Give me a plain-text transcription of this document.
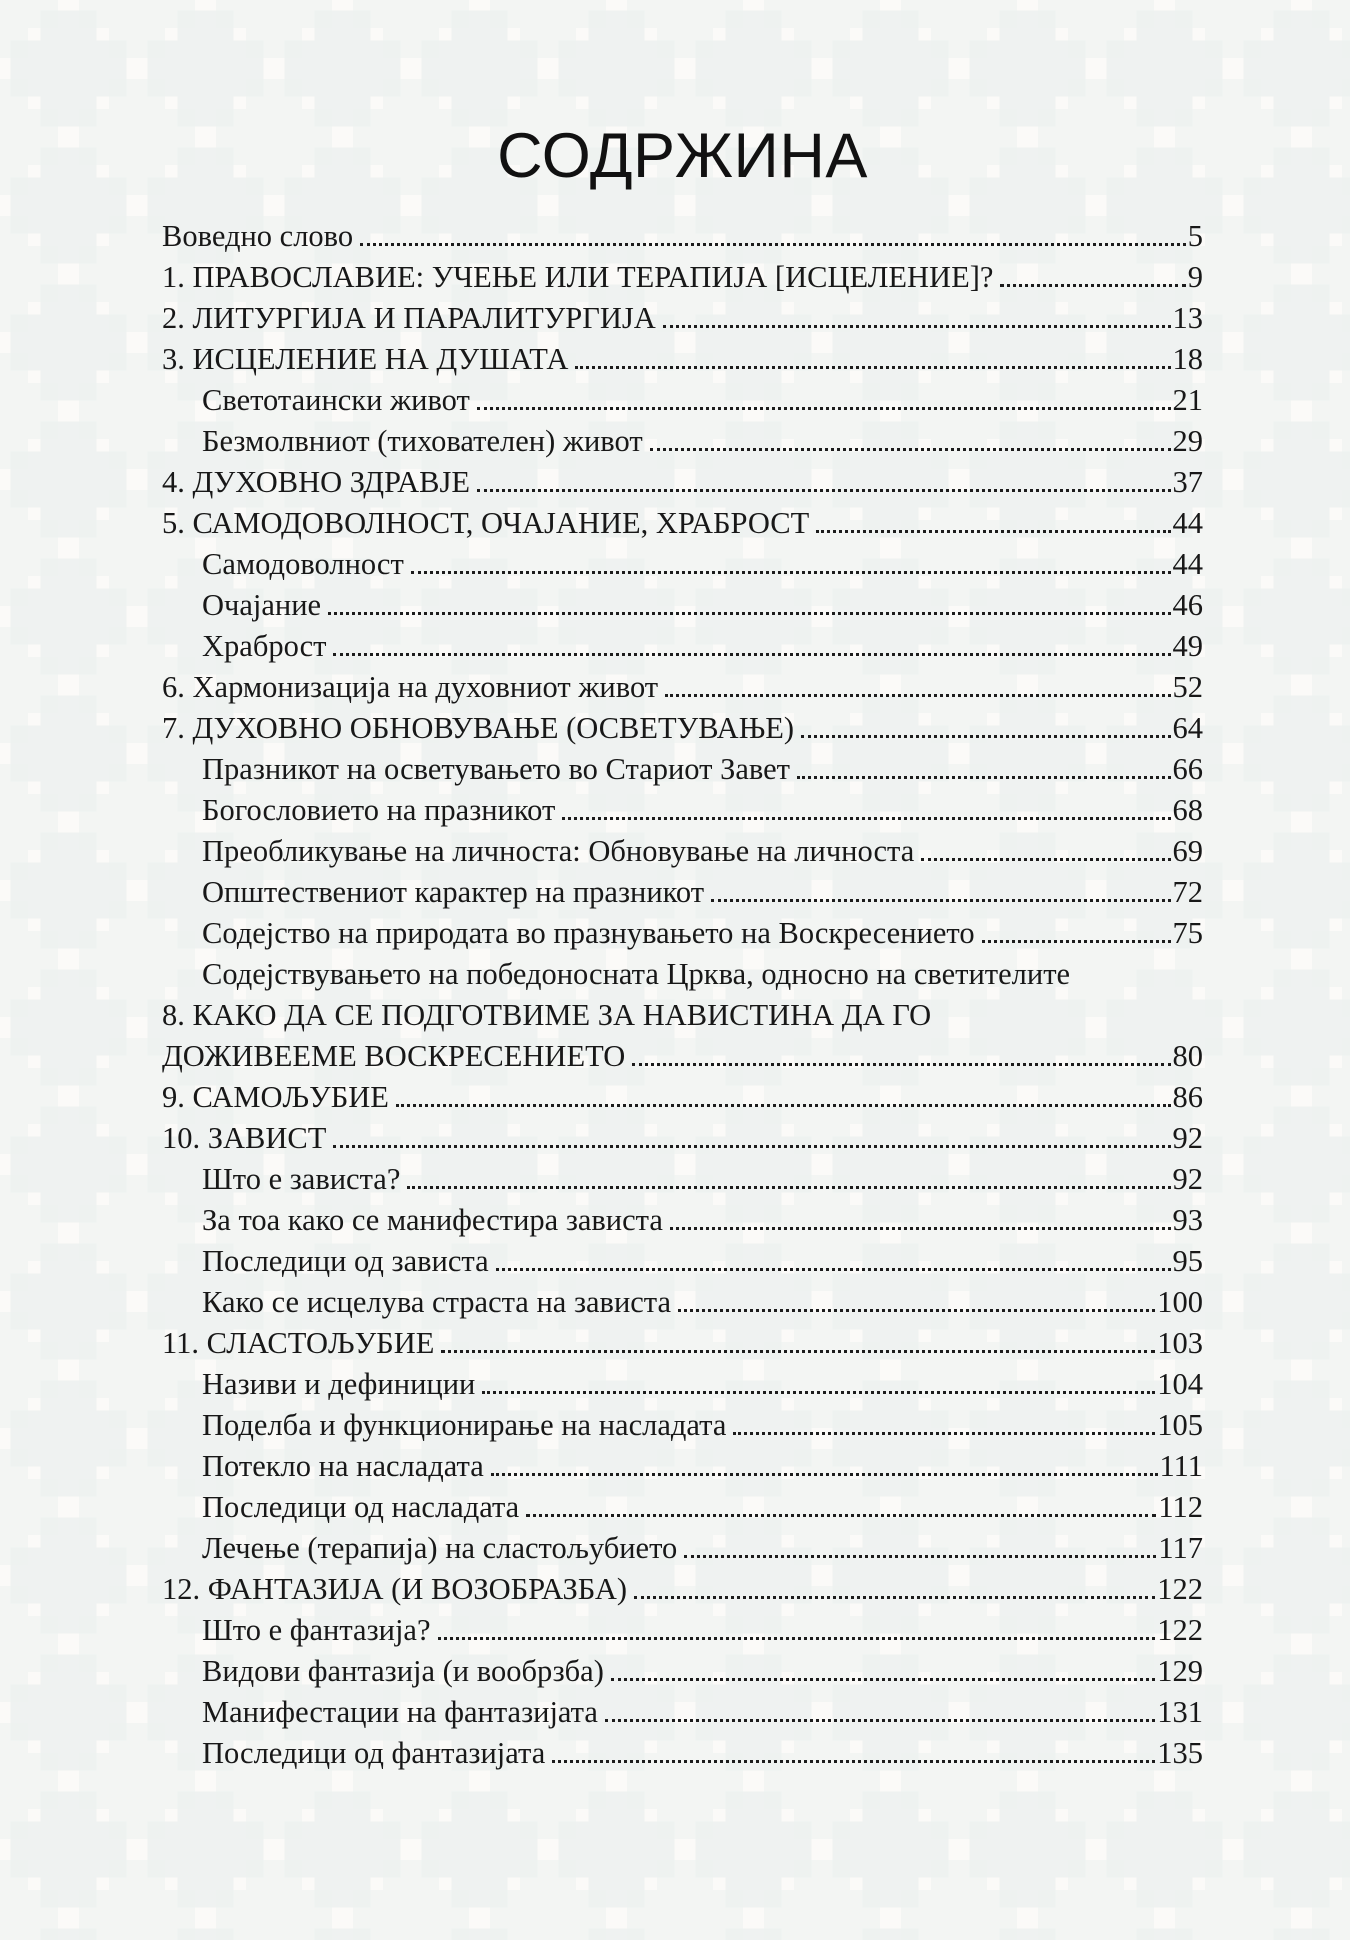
СОДРЖИНА
Воведно слово	5
1. ПРАВОСЛАВИЕ: УЧЕЊЕ ИЛИ ТЕРАПИЈА [ИСЦЕЛЕНИЕ]?	9
2. ЛИТУРГИЈА И ПАРАЛИТУРГИЈА	13
3. ИСЦЕЛЕНИЕ НА ДУШАТА	18
Светотаински живот	21
Безмолвниот (тихователен) живот	29
4. ДУХОВНО ЗДРАВЈЕ	37
5. САМОДОВОЛНОСТ, ОЧАЈАНИЕ, ХРАБРОСТ	44
Самодоволност	44
Очајание	46
Храброст	49
6. Хармонизација на духовниот живот	52
7. ДУХОВНО ОБНОВУВАЊЕ (ОСВЕТУВАЊЕ)	64
Празникот на осветувањето во Стариот Завет	66
Богословието на празникот	68
Преобликување на личноста: Обновување на личноста	69
Општествениот карактер на празникот	72
Содејство на природата во празнувањето на Воскресението	75
Содејствувањето на победоносната Црква, односно на светителите
8. КАКО ДА СЕ ПОДГОТВИМЕ ЗА НАВИСТИНА ДА ГО
ДОЖИВЕЕМЕ ВОСКРЕСЕНИЕТО	80
9. САМОЉУБИЕ	86
10. ЗАВИСТ	92
Што е зависта?	92
За тоа како се манифестира зависта	93
Последици од зависта	95
Како се исцелува страста на зависта	100
11. СЛАСТОЉУБИЕ	103
Називи и дефиниции	104
Поделба и функционирање на насладата	105
Потекло на насладата	111
Последици од насладата	112
Лечење (терапија) на сластољубието	117
12. ФАНТАЗИЈА (И ВОЗОБРАЗБА)	122
Што е фантазија?	122
Видови фантазија (и вообрзба)	129
Манифестации на фантазијата	131
Последици од фантазијата	135
